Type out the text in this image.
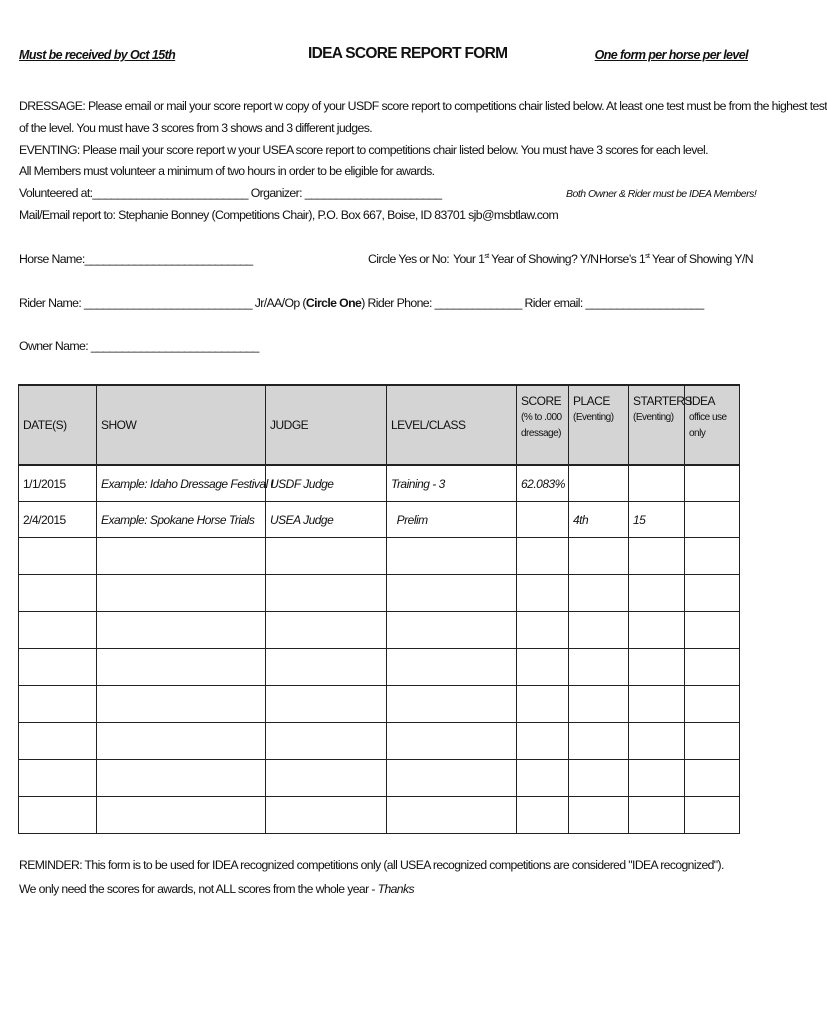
Must be received by Oct 15th	IDEA SCORE REPORT FORM	One form per horse per level
DRESSAGE: Please email or mail your score report w copy of your USDF score report to competitions chair listed below. At least one test must be from the highest test
of the level. You must have 3 scores from 3 shows and 3 different judges.
EVENTING: Please mail your score report w your USEA score report to competitions chair listed below. You must have 3 scores for each level.
All Members must volunteer a minimum of two hours in order to be eligible for awards.
Volunteered at:_________________________ Organizer: ______________________	Both Owner & Rider must be IDEA Members!
Mail/Email report to: Stephanie Bonney (Competitions Chair), P.O. Box 667, Boise, ID 83701 sjb@msbtlaw.com
Horse Name:___________________________	Circle Yes or No: Your 1st Year of Showing? Y/N Horse’s 1st Year of Showing Y/N
Rider Name: ___________________________ Jr/AA/Op (Circle One) Rider Phone: ______________ Rider email: ___________________
Owner Name: ___________________________
DATE(S)	SHOW	JUDGE	LEVEL/CLASS	SCORE
(% to .000
dressage)	PLACE
(Eventing)	STARTERS
(Eventing)	IDEA
office use
only

1/1/2015	Example: Idaho Dressage Festival I	USDF Judge	Training - 3	62.083%			
2/4/2015	Example: Spokane Horse Trials	USEA Judge	Prelim		4th	15	

REMINDER: This form is to be used for IDEA recognized competitions only (all USEA recognized competitions are considered "IDEA recognized"). We only need the scores for awards, not ALL scores from the whole year - Thanks
